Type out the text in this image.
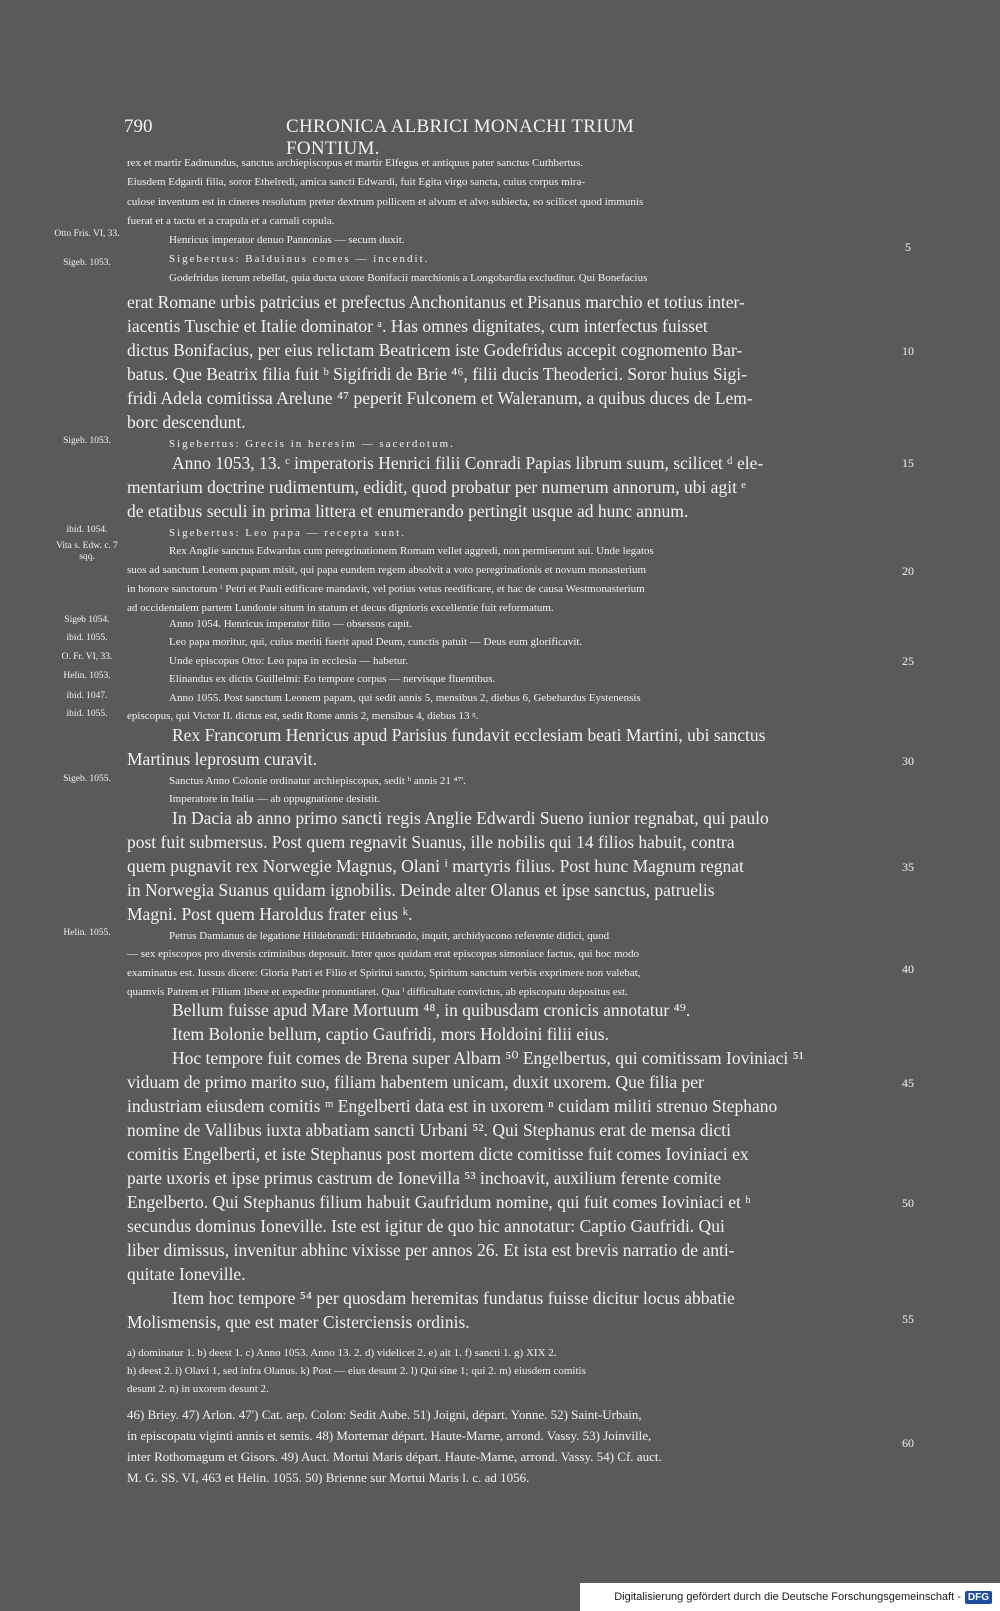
790	CHRONICA ALBRICI MONACHI TRIUM FONTIUM.
rex et martir Eadmundus, sanctus archiepiscopus et martir Elfegus et antiquus pater sanctus Cuthbertus.
Eiusdem Edgardi filia, soror Ethelredi, amica sancti Edwardi, fuit Egita virgo sancta, cuius corpus mira-
culose inventum est in cineres resolutum preter dextrum pollicem et alvum et alvo subiecta, eo scilicet quod immunis
fuerat et a tactu et a crapula et a carnali copula.
Henricus imperator denuo Pannonias — secum duxit.
Sigebertus: Balduinus comes — incendit.
Godefridus iterum rebellat, quia ducta uxore Bonifacii marchionis a Longobardia excluditur. Qui Bonefacius
erat Romane urbis patricius et prefectus Anchonitanus et Pisanus marchio et totius inter-
iacentis Tuschie et Italie dominator ᵃ. Has omnes dignitates, cum interfectus fuisset
dictus Bonifacius, per eius relictam Beatricem iste Godefridus accepit cognomento Bar-
batus. Que Beatrix filia fuit ᵇ Sigifridi de Brie ⁴⁶, filii ducis Theoderici. Soror huius Sigi-
fridi Adela comitissa Arelune ⁴⁷ peperit Fulconem et Waleranum, a quibus duces de Lem-
borc descendunt.
Sigebertus: Grecis in heresim — sacerdotum.
Anno 1053, 13. ᶜ imperatoris Henrici filii Conradi Papias librum suum, scilicet ᵈ ele-
mentarium doctrine rudimentum, edidit, quod probatur per numerum annorum, ubi agit ᵉ
de etatibus seculi in prima littera et enumerando pertingit usque ad hunc annum.
Sigebertus: Leo papa — recepta sunt.
Rex Anglie sanctus Edwardus cum peregrinationem Romam vellet aggredi, non permiserunt sui. Unde legatos
suos ad sanctum Leonem papam misit, qui papa eundem regem absolvit a voto peregrinationis et novum monasterium
in honore sanctorum ᶠ Petri et Pauli edificare mandavit, vel potius vetus reedificare, et hac de causa Westmonasterium
ad occidentalem partem Lundonie situm in statum et decus dignioris excellentie fuit reformatum.
Anno 1054. Henricus imperator filio — obsessos capit.
Leo papa moritur, qui, cuius meriti fuerit apud Deum, cunctis patuit — Deus eum glorificavit.
Unde episcopus Otto: Leo papa in ecclesia — habetur.
Elinandus ex dictis Guillelmi: Eo tempore corpus — nervisque fluentibus.
Anno 1055. Post sanctum Leonem papam, qui sedit annis 5, mensibus 2, diebus 6, Gebehardus Eystenensis
episcopus, qui Victor II. dictus est, sedit Rome annis 2, mensibus 4, diebus 13 ᵍ.
Rex Francorum Henricus apud Parisius fundavit ecclesiam beati Martini, ubi sanctus
Martinus leprosum curavit.
Sanctus Anno Colonie ordinatur archiepiscopus, sedit ʰ annis 21 ⁴⁷'.
Imperatore in Italia — ab oppugnatione desistit.
In Dacia ab anno primo sancti regis Anglie Edwardi Sueno iunior regnabat, qui paulo
post fuit submersus. Post quem regnavit Suanus, ille nobilis qui 14 filios habuit, contra
quem pugnavit rex Norwegie Magnus, Olani ⁱ martyris filius. Post hunc Magnum regnat
in Norwegia Suanus quidam ignobilis. Deinde alter Olanus et ipse sanctus, patruelis
Magni. Post quem Haroldus frater eius ᵏ.
Petrus Damianus de legatione Hildebrandi: Hildebrando, inquit, archidyacono referente didici, quod
— sex episcopos pro diversis criminibus deposuit. Inter quos quidam erat episcopus simoniace factus, qui hoc modo
examinatus est. Iussus dicere: Gloria Patri et Filio et Spiritui sancto, Spiritum sanctum verbis exprimere non valebat,
quamvis Patrem et Filium libere et expedite pronuntiaret. Qua ˡ difficultate convictus, ab episcopatu depositus est.
Bellum fuisse apud Mare Mortuum ⁴⁸, in quibusdam cronicis annotatur ⁴⁹.
Item Bolonie bellum, captio Gaufridi, mors Holdoini filii eius.
Hoc tempore fuit comes de Brena super Albam ⁵⁰ Engelbertus, qui comitissam Ioviniaci ⁵¹
viduam de primo marito suo, filiam habentem unicam, duxit uxorem. Que filia per
industriam eiusdem comitis ᵐ Engelberti data est in uxorem ⁿ cuidam militi strenuo Stephano
nomine de Vallibus iuxta abbatiam sancti Urbani ⁵². Qui Stephanus erat de mensa dicti
comitis Engelberti, et iste Stephanus post mortem dicte comitisse fuit comes Ioviniaci ex
parte uxoris et ipse primus castrum de Ionevilla ⁵³ inchoavit, auxilium ferente comite
Engelberto. Qui Stephanus filium habuit Gaufridum nomine, qui fuit comes Ioviniaci et ʰ
secundus dominus Ioneville. Iste est igitur de quo hic annotatur: Captio Gaufridi. Qui
liber dimissus, invenitur abhinc vixisse per annos 26. Et ista est brevis narratio de anti-
quitate Ioneville.
Item hoc tempore ⁵⁴ per quosdam heremitas fundatus fuisse dicitur locus abbatie
Molismensis, que est mater Cisterciensis ordinis.
Otto Fris. VI, 33.
Sigeb. 1053.
Sigeb. 1053.
ibid. 1054.
Vita s. Edw. c. 7 sqq.
Sigeb 1054.
ibid. 1055.
O. Fr. VI, 33.
Helin. 1053.
ibid. 1047.
ibid. 1055.
Sigeb. 1055.
Helin. 1055.
5
10
15
20
25
30
35
40
45
50
55
60
a) dominatur 1. b) deest 1. c) Anno 1053. Anno 13. 2. d) videlicet 2. e) ait 1. f) sancti 1. g) XIX 2.
h) deest 2. i) Olavi 1, sed infra Olanus. k) Post — eius desunt 2. l) Qui sine 1; qui 2. m) eiusdem comitis
desunt 2. n) in uxorem desunt 2.
46) Briey. 47) Arlon. 47') Cat. aep. Colon: Sedit Aube. 51) Joigni, départ. Yonne. 52) Saint-Urbain,
in episcopatu viginti annis et semis. 48) Mortemar départ. Haute-Marne, arrond. Vassy. 53) Joinville,
inter Rothomagum et Gisors. 49) Auct. Mortui Maris départ. Haute-Marne, arrond. Vassy. 54) Cf. auct.
M. G. SS. VI, 463 et Helin. 1055. 50) Brienne sur Mortui Maris l. c. ad 1056.
Digitalisierung gefördert durch die Deutsche Forschungsgemeinschaft - DFG
